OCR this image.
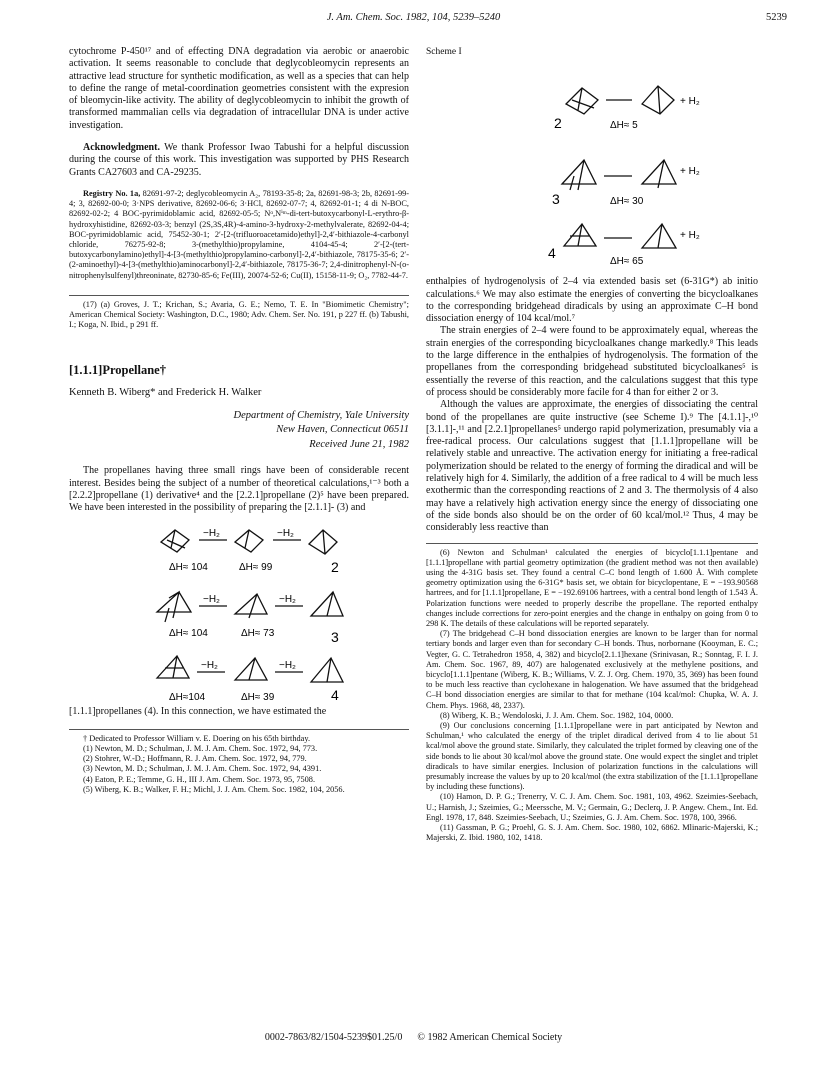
J. Am. Chem. Soc. 1982, 104, 5239–5240	5239

cytochrome P-450¹⁷ and of effecting DNA degradation via aerobic or anaerobic activation. It seems reasonable to conclude that deglycobleomycin represents an attractive lead structure for synthetic modification, as well as a species that can help to define the range of metal-coordination geometries consistent with the expresion of bleomycin-like activity. The ability of deglycobleomycin to inhibit the growth of transformed mammalian cells via degradation of intracellular DNA is under active investigation.

Acknowledgment. We thank Professor Iwao Tabushi for a helpful discussion during the course of this work. This investigation was supported by PHS Research Grants CA27603 and CA-29235.

Registry No. 1a, 82691-97-2; deglycobleomycin A₂, 78193-35-8; 2a, 82691-98-3; 2b, 82691-99-4; 3, 82692-00-0; 3·NPS derivative, 82692-06-6; 3·HCl, 82692-07-7; 4, 82692-01-1; 4 di N-BOC, 82692-02-2; 4 BOC-pyrimidoblamic acid, 82692-05-5; Nᵅ,Nⁱᵐ-di-tert-butoxycarbonyl-L-erythro-β-hydroxyhistidine, 82692-03-3; benzyl (2S,3S,4R)-4-amino-3-hydroxy-2-methylvalerate, 82692-04-4; BOC-pyrimidoblamic acid, 75452-30-1; 2′-[2-(trifluoroacetamido)ethyl]-2,4′-bithiazole-4-carbonyl chloride, 76275-92-8; 3-(methylthio)propylamine, 4104-45-4; 2′-[2-(tert-butoxycarbonylamino)ethyl]-4-[3-(methylthio)propylamino-carbonyl]-2,4′-bithiazole, 78175-35-6; 2′-(2-aminoethyl)-4-[3-(methylthio)aminocarbonyl]-2,4′-bithiazole, 78175-36-7; 2,4-dinitrophenyl-N-(o-nitrophenylsulfenyl)threoninate, 82730-85-6; Fe(III), 20074-52-6; Cu(II), 15158-11-9; O₂, 7782-44-7.

(17) (a) Groves, J. T.; Krichan, S.; Avaria, G. E.; Nemo, T. E. In "Biomimetic Chemistry"; American Chemical Society: Washington, D.C., 1980; Adv. Chem. Ser. No. 191, p 227 ff. (b) Tabushi, I.; Koga, N. Ibid., p 291 ff.

[1.1.1]Propellane†
Kenneth B. Wiberg* and Frederick H. Walker
Department of Chemistry, Yale University
New Haven, Connecticut 06511
Received June 21, 1982

The propellanes having three small rings have been of considerable recent interest. Besides being the subject of a number of theoretical calculations,¹⁻³ both a [2.2.2]propellane (1) derivative⁴ and the [2.2.1]propellane (2)⁵ have been prepared. We have been interested in the possibility of preparing the [2.1.1]- (3) and

−H₂	−H₂
ΔH≈ 104	ΔH≈ 99	2
−H₂	−H₂
ΔH≈ 104	ΔH≈ 73	3
−H₂	−H₂
ΔH≈104	ΔH≈ 39	4

[1.1.1]propellanes (4). In this connection, we have estimated the

† Dedicated to Professor William v. E. Doering on his 65th birthday.

(1) Newton, M. D.; Schulman, J. M. J. Am. Chem. Soc. 1972, 94, 773.

(2) Stohrer, W.-D.; Hoffmann, R. J. Am. Chem. Soc. 1972, 94, 779.

(3) Newton, M. D.; Schulman, J. M. J. Am. Chem. Soc. 1972, 94, 4391.

(4) Eaton, P. E.; Temme, G. H., III J. Am. Chem. Soc. 1973, 95, 7508.

(5) Wiberg, K. B.; Walker, F. H.; Michl, J. J. Am. Chem. Soc. 1982, 104, 2056.

Scheme I
+ H₂
2	ΔH≈ 5
+ H₂
3	ΔH≈ 30
+ H₂
4
ΔH≈ 65

enthalpies of hydrogenolysis of 2–4 via extended basis set (6-31G*) ab initio calculations.⁶ We may also estimate the energies of converting the bicycloalkanes to the corresponding bridgehead diradicals by using an approximate C–H bond dissociation energy of 104 kcal/mol.⁷

The strain energies of 2–4 were found to be approximately equal, whereas the strain energies of the corresponding bicycloalkanes change markedly.⁸ This leads to the large difference in the enthalpies of hydrogenolysis. The formation of the propellanes from the corresponding bridgehead substituted bicycloalkanes⁵ is essentially the reverse of this reaction, and the calculations suggest that this type of process should be considerably more facile for 4 than for either 2 or 3.

Although the values are approximate, the energies of dissociating the central bond of the propellanes are quite instructive (see Scheme I).⁹ The [4.1.1]-,¹⁰ [3.1.1]-,¹¹ and [2.2.1]propellanes⁵ undergo rapid polymerization, presumably via a free-radical process. Our calculations suggest that [1.1.1]propellane will be relatively stable and unreactive. The activation energy for initiating a free-radical polymerization should be related to the energy of forming the diradical and will be relatively high for 4. Similarly, the addition of a free radical to 4 will be much less exothermic than the corresponding reactions of 2 and 3. The thermolysis of 4 also may have a relatively high activation energy since the energy of dissociating one of the side bonds also should be on the order of 60 kcal/mol.¹² Thus, 4 may be considerably less reactive than

(6) Newton and Schulman¹ calculated the energies of bicyclo[1.1.1]pentane and [1.1.1]propellane with partial geometry optimization (the gradient method was not then available) using the 4-31G basis set. They found a central C–C bond length of 1.600 Å. With complete geometry optimization using the 6-31G* basis set, we obtain for bicyclopentane, E = −193.90568 hartrees, and for [1.1.1]propellane, E = −192.69106 hartrees, with a central bond length of 1.543 Å. Polarization functions were needed to properly describe the propellane. The reported enthalpy changes include corrections for zero-point energies and the change in enthalpy on going from 0 to 298 K. The details of these calculations will be reported separately.

(7) The bridgehead C–H bond dissociation energies are known to be larger than for normal tertiary bonds and larger even than for secondary C–H bonds. Thus, norbornane (Kooyman, E. C.; Vegter, G. C. Tetrahedron 1958, 4, 382) and bicyclo[2.1.1]hexane (Srinivasan, R.; Sonntag, F. I. J. Am. Chem. Soc. 1967, 89, 407) are halogenated exclusively at the methylene positions, and bicyclo[1.1.1]pentane (Wiberg, K. B.; Williams, V. Z. J. Org. Chem. 1970, 35, 369) has been found to be much less reactive than cyclohexane in halogenation. We have assumed that the bridgehead C–H bond dissociation energies are similar to that for methane (104 kcal/mol: Chupka, W. A. J. Chem. Phys. 1968, 48, 2337).

(8) Wiberg, K. B.; Wendoloski, J. J. Am. Chem. Soc. 1982, 104, 0000.

(9) Our conclusions concerning [1.1.1]propellane were in part anticipated by Newton and Schulman,¹ who calculated the energy of the triplet diradical derived from 4 to lie about 51 kcal/mol above the ground state. Similarly, they calculated the triplet formed by cleaving one of the side bonds to lie about 30 kcal/mol above the ground state. One would expect the singlet and triplet diradicals to have similar energies. Inclusion of polarization functions in the calculations will presumably increase the values by up to 20 kcal/mol (the extra stabilization of the [1.1.1]propellane by including these functions).

(10) Hamon, D. P. G.; Trenerry, V. C. J. Am. Chem. Soc. 1981, 103, 4962. Szeimies-Seebach, U.; Harnish, J.; Szeimies, G.; Meerssche, M. V.; Germain, G.; Declerq, J. P. Angew. Chem., Int. Ed. Engl. 1978, 17, 848. Szeimies-Seebach, U.; Szeimies, G. J. Am. Chem. Soc. 1978, 100, 3966.

(11) Gassman, P. G.; Proehl, G. S. J. Am. Chem. Soc. 1980, 102, 6862. Mlinaric-Majerski, K.; Majerski, Z. Ibid. 1980, 102, 1418.

0002-7863/82/1504-5239$01.25/0 © 1982 American Chemical Society
